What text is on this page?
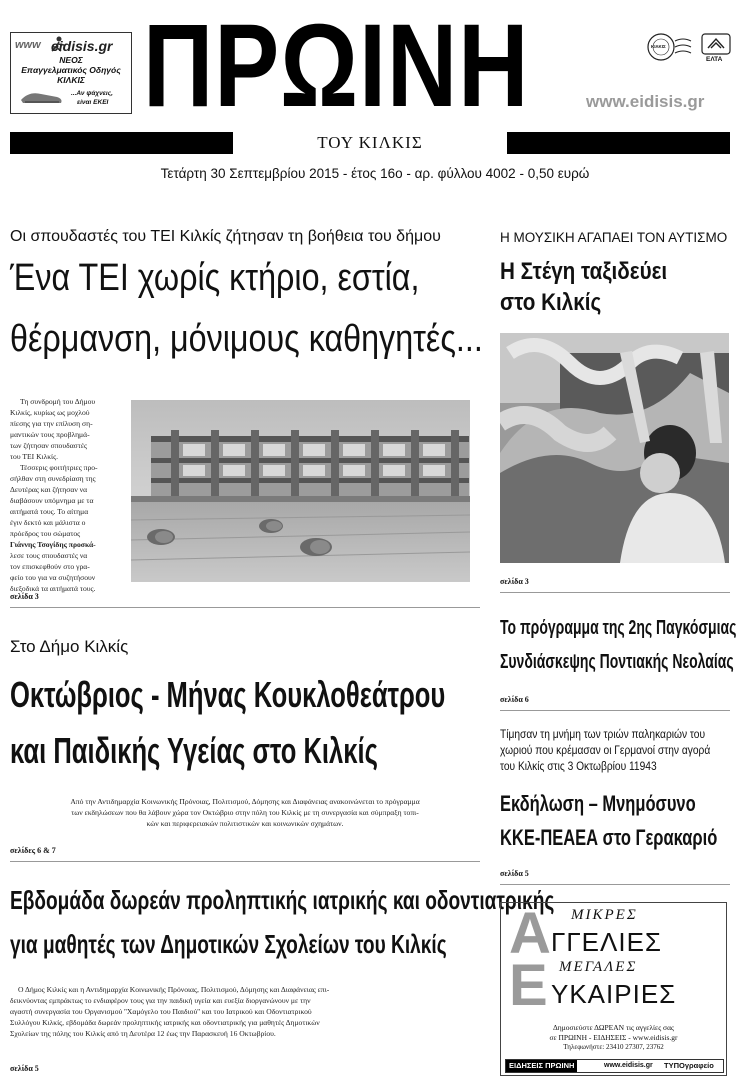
www eidisis.gr
ΝΕΟΣ
Επαγγελματικός Οδηγός
ΚΙΛΚΙΣ
...Αν ψάχνεις,
είναι ΕΚΕΙ ΠΡΩΙΝΗ	ΚΙΛΚΙΣ
ΕΛΤΑ
www.eidisis.gr
ΤΟΥ ΚΙΛΚΙΣ
Τετάρτη 30 Σεπτεμβρίου 2015 - έτος 16ο - αρ. φύλλου 4002 - 0,50 ευρώ
Οι σπουδαστές του ΤΕΙ Κιλκίς ζήτησαν τη βοήθεια του δήμου
Ένα ΤΕΙ χωρίς κτήριο, εστία,
θέρμανση, μόνιμους καθηγητές...
Τη συνδρομή του Δήμου
Κιλκίς, κυρίως ως μοχλού
πίεσης για την επίλυση ση-
μαντικών τους προβλημά-
των ζήτησαν σπουδαστές
του ΤΕΙ Κιλκίς.
Τέσσερις φοιτήτριες προ-
σήλθαν στη συνεδρίαση της
Δευτέρας και ζήτησαν να
διαβάσουν υπόμνημα με τα
αιτήματά τους. Το αίτημα
έγιν δεκτό και μάλιστα ο
πρόεδρος του σώματος
Γιάννης Τσογίδης προσκά-
λεσε τους σπουδαστές να
τον επισκεφθούν στο γρα-
φείο του για να συζητήσουν
διεξοδικά τα αιτήματά τους.
σελίδα 3
Στο Δήμο Κιλκίς
Οκτώβριος - Μήνας Κουκλοθεάτρου
και Παιδικής Υγείας στο Κιλκίς
Από την Αντιδημαρχία Κοινωνικής Πρόνοιας, Πολιτισμού, Δόμησης και Διαφάνειας ανακοινώνεται το πρόγραμμα
των εκδηλώσεων που θα λάβουν χώρα τον Οκτώβριο στην πόλη του Κιλκίς με τη συνεργασία και σύμπραξη τοπι-
κών και περιφερειακών πολιτιστικών και κοινωνικών σχημάτων.
σελίδες 6 & 7
Εβδομάδα δωρεάν προληπτικής ιατρικής και οδοντιατρικής
για μαθητές των Δημοτικών Σχολείων του Κιλκίς
Ο Δήμος Κιλκίς και η Αντιδημαρχία Κοινωνικής Πρόνοιας, Πολιτισμού, Δόμησης και Διαφάνειας επι-
δεικνύοντας εμπράκτως το ενδιαφέρον τους για την παιδική υγεία και ευεξία διοργανώνουν με την
αγαστή συνεργασία του Οργανισμού ''Χαμόγελο του Παιδιού'' και του Ιατρικού και Οδοντιατρικού
Συλλόγου Κιλκίς, εβδομάδα δωρεάν προληπτικής ιατρικής και οδοντιατρικής για μαθητές Δημοτικών
Σχολείων της πόλης του Κιλκίς από τη Δευτέρα 12 έως την Παρασκευή 16 Οκτωβρίου.
σελίδα 5
Η ΜΟΥΣΙΚΗ ΑΓΑΠΑΕΙ ΤΟΝ ΑΥΤΙΣΜΟ
Η Στέγη ταξιδεύει
στο Κιλκίς
σελίδα 3
Το πρόγραμμα της 2ης Παγκόσμιας
Συνδιάσκεψης Ποντιακής Νεολαίας
σελίδα 6
Τίμησαν τη μνήμη των τριών παληκαριών του
χωριού που κρέμασαν οι Γερμανοί στην αγορά
του Κιλκίς στις 3 Οκτωβρίου 11943
Εκδήλωση – Μνημόσυνο
ΚΚΕ-ΠΕΑΕΑ στο Γερακαριό
σελίδα 5
Α ΜΙΚΡΕΣ
ΓΓΕΛΙΕΣ
Ε ΜΕΓΑΛΕΣ
ΥΚΑΙΡΙΕΣ
Δημοσιεύστε ΔΩΡΕΑΝ τις αγγελίες σας
σε ΠΡΩΙΝΗ - ΕΙΔΗΣΕΙΣ - www.eidisis.gr
Τηλεφωνήστε: 23410 27307, 23762
ΕΙΔΗΣΕΙΣ ΠΡΩΙΝΗ	www.eidisis.gr ΤΥΠΟγραφείο
